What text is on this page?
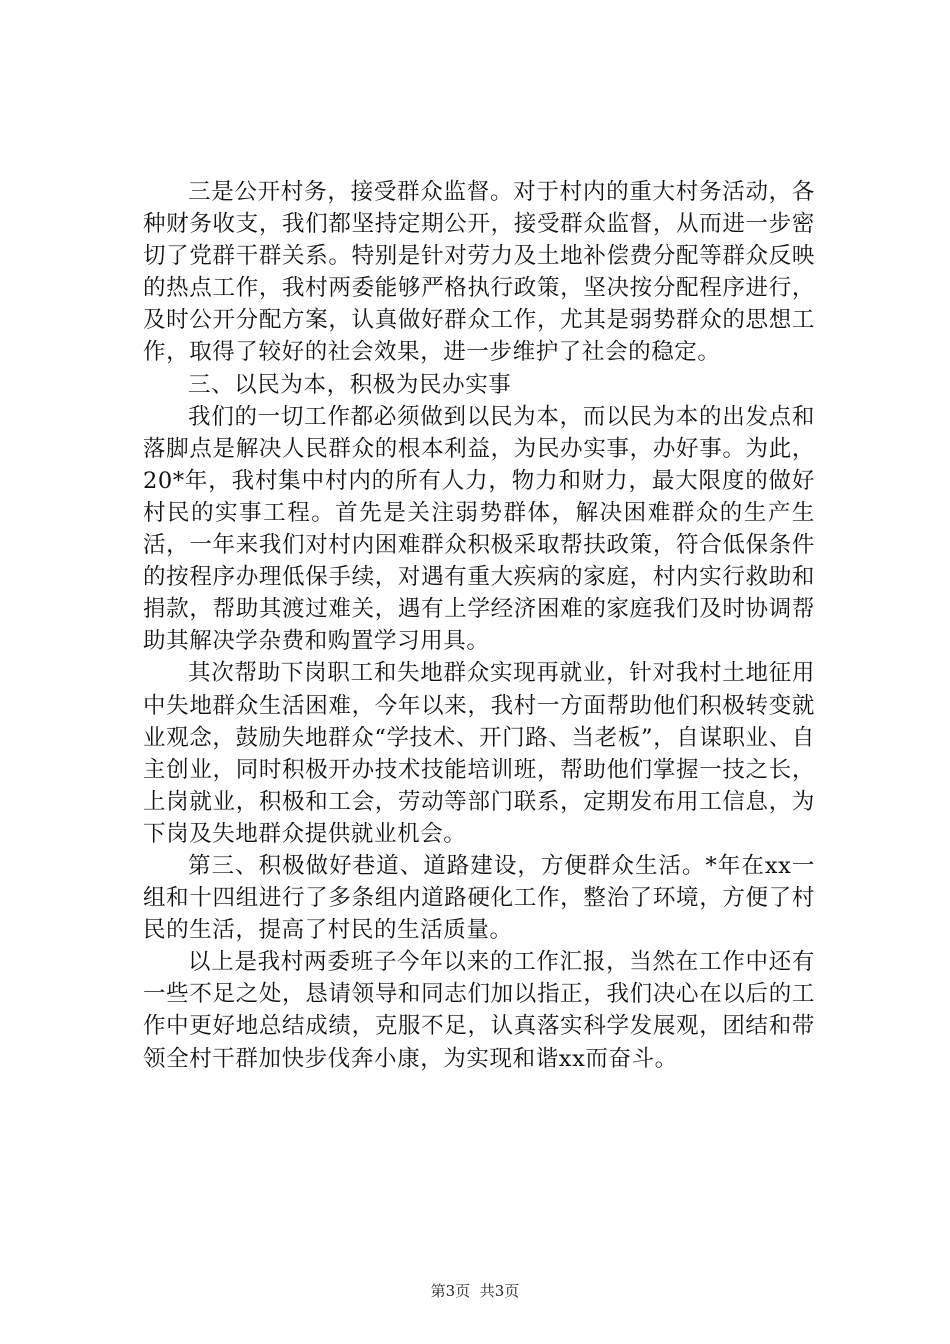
三是公开村务，接受群众监督。对于村内的重大村务活动，各种财务收支，我们都坚持定期公开，接受群众监督，从而进一步密切了党群干群关系。特别是针对劳力及土地补偿费分配等群众反映的热点工作，我村两委能够严格执行政策，坚决按分配程序进行，及时公开分配方案，认真做好群众工作，尤其是弱势群众的思想工作，取得了较好的社会效果，进一步维护了社会的稳定。

三、以民为本，积极为民办实事

我们的一切工作都必须做到以民为本，而以民为本的出发点和落脚点是解决人民群众的根本利益，为民办实事，办好事。为此，20*年，我村集中村内的所有人力，物力和财力，最大限度的做好村民的实事工程。首先是关注弱势群体，解决困难群众的生产生活，一年来我们对村内困难群众积极采取帮扶政策，符合低保条件的按程序办理低保手续，对遇有重大疾病的家庭，村内实行救助和捐款，帮助其渡过难关，遇有上学经济困难的家庭我们及时协调帮助其解决学杂费和购置学习用具。

其次帮助下岗职工和失地群众实现再就业，针对我村土地征用中失地群众生活困难，今年以来，我村一方面帮助他们积极转变就业观念，鼓励失地群众“学技术、开门路、当老板”，自谋职业、自主创业，同时积极开办技术技能培训班，帮助他们掌握一技之长，上岗就业，积极和工会，劳动等部门联系，定期发布用工信息，为下岗及失地群众提供就业机会。

第三、积极做好巷道、道路建设，方便群众生活。*年在xx一组和十四组进行了多条组内道路硬化工作，整治了环境，方便了村民的生活，提高了村民的生活质量。

以上是我村两委班子今年以来的工作汇报，当然在工作中还有一些不足之处，恳请领导和同志们加以指正，我们决心在以后的工作中更好地总结成绩，克服不足，认真落实科学发展观，团结和带领全村干群加快步伐奔小康，为实现和谐xx而奋斗。

第3页 共3页
